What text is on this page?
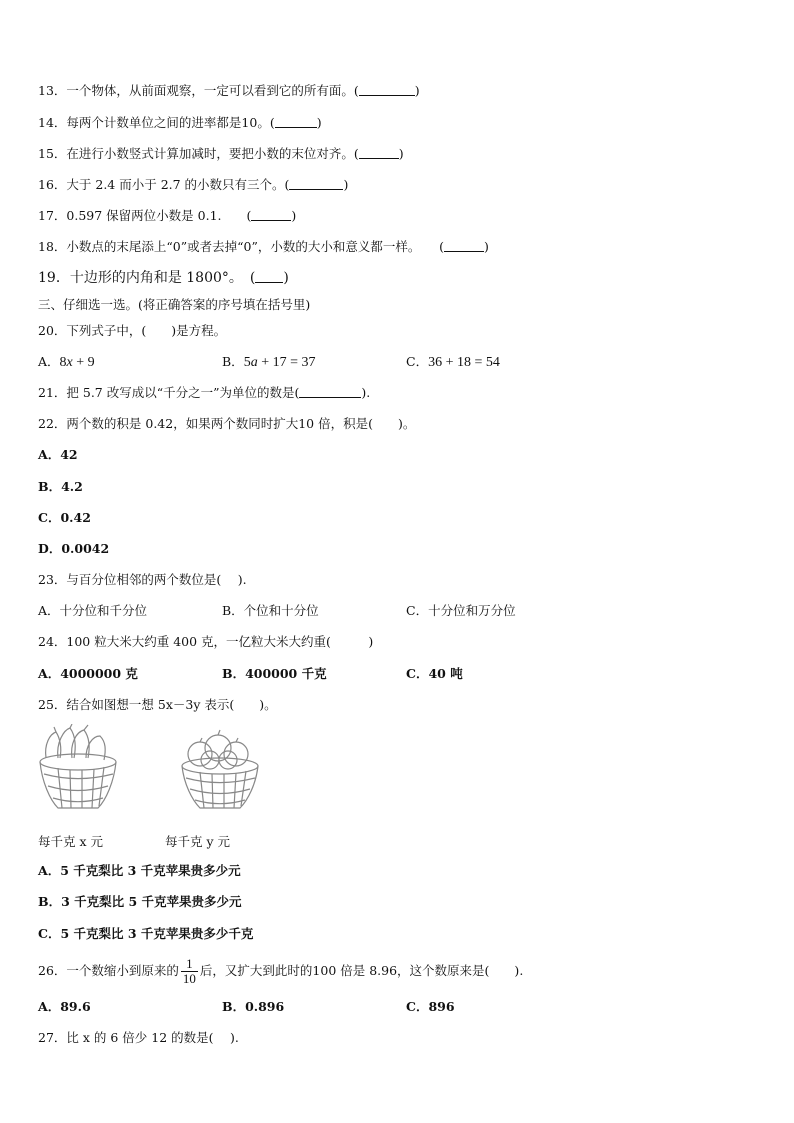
13．一个物体，从前面观察，一定可以看到它的所有面。(	)
14．每两个计数单位之间的进率都是10。(	)
15．在进行小数竖式计算加减时，要把小数的末位对齐。(	)
16．大于 2.4 而小于 2.7 的小数只有三个。(	)
17．0.597 保留两位小数是 0.1.　　(	)
18．小数点的末尾添上“0”或者去掉“0”，小数的大小和意义都一样。　　(	)
19．十边形的内角和是 1800°。　( )
三、仔细选一选。(将正确答案的序号填在括号里)
20．下列式子中，(　　)是方程。
A．8x + 9	B．5a + 17 = 37	C．36 + 18 = 54
21．把 5.7 改写成以“千分之一”为单位的数是(	).
22．两个数的积是 0.42，如果两个数同时扩大10 倍，积是(　　)。
A．42
B．4.2
C．0.42
D．0.0042
23．与百分位相邻的两个数位是(　 ).
A．十分位和千分位	B．个位和十分位	C．十分位和万分位
24．100 粒大米大约重 400 克，一亿粒大米大约重(　　　)
A．4000000 克	B．400000 千克	C．40 吨
25．结合如图想一想 5x－3y 表示(　　)。
每千克 x 元	每千克 y 元
A．5 千克梨比 3 千克苹果贵多少元
B．3 千克梨比 5 千克苹果贵多少元
C．5 千克梨比 3 千克苹果贵多少千克
26．一个数缩小到原来的 $\frac{1}{10}$ 后，又扩大到此时的100 倍是 8.96，这个数原来是(　　).
A．89.6	B．0.896	C．896
27．比 x 的 6 倍少 12 的数是(　 ).
